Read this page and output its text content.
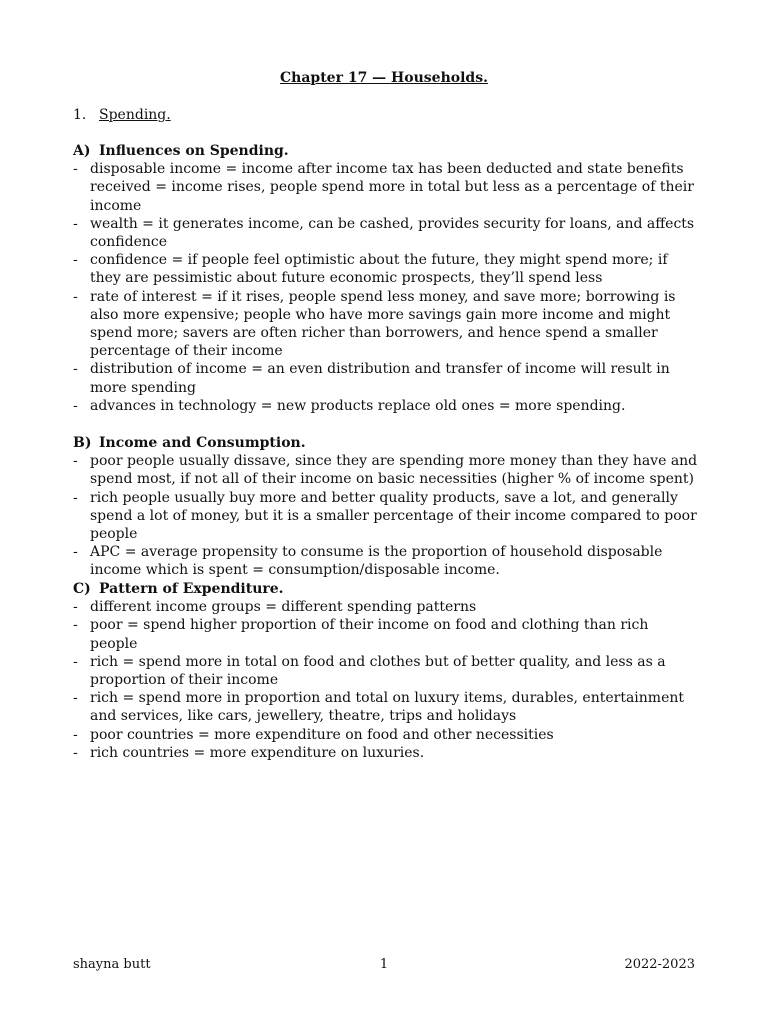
Chapter 17 — Households.
1. Spending.
A) Influences on Spending.
- disposable income = income after income tax has been deducted and state benefits received = income rises, people spend more in total but less as a percentage of their income
- wealth = it generates income, can be cashed, provides security for loans, and affects confidence
- confidence = if people feel optimistic about the future, they might spend more; if they are pessimistic about future economic prospects, they’ll spend less
- rate of interest = if it rises, people spend less money, and save more; borrowing is also more expensive; people who have more savings gain more income and might spend more; savers are often richer than borrowers, and hence spend a smaller percentage of their income
- distribution of income = an even distribution and transfer of income will result in more spending
- advances in technology = new products replace old ones = more spending.
B) Income and Consumption.
- poor people usually dissave, since they are spending more money than they have and spend most, if not all of their income on basic necessities (higher % of income spent)
- rich people usually buy more and better quality products, save a lot, and generally spend a lot of money, but it is a smaller percentage of their income compared to poor people
- APC = average propensity to consume is the proportion of household disposable income which is spent = consumption/disposable income.
C) Pattern of Expenditure.
- different income groups = different spending patterns
- poor = spend higher proportion of their income on food and clothing than rich people
- rich = spend more in total on food and clothes but of better quality, and less as a proportion of their income
- rich = spend more in proportion and total on luxury items, durables, entertainment and services, like cars, jewellery, theatre, trips and holidays
- poor countries = more expenditure on food and other necessities
- rich countries = more expenditure on luxuries.
shayna butt	1	2022-2023
